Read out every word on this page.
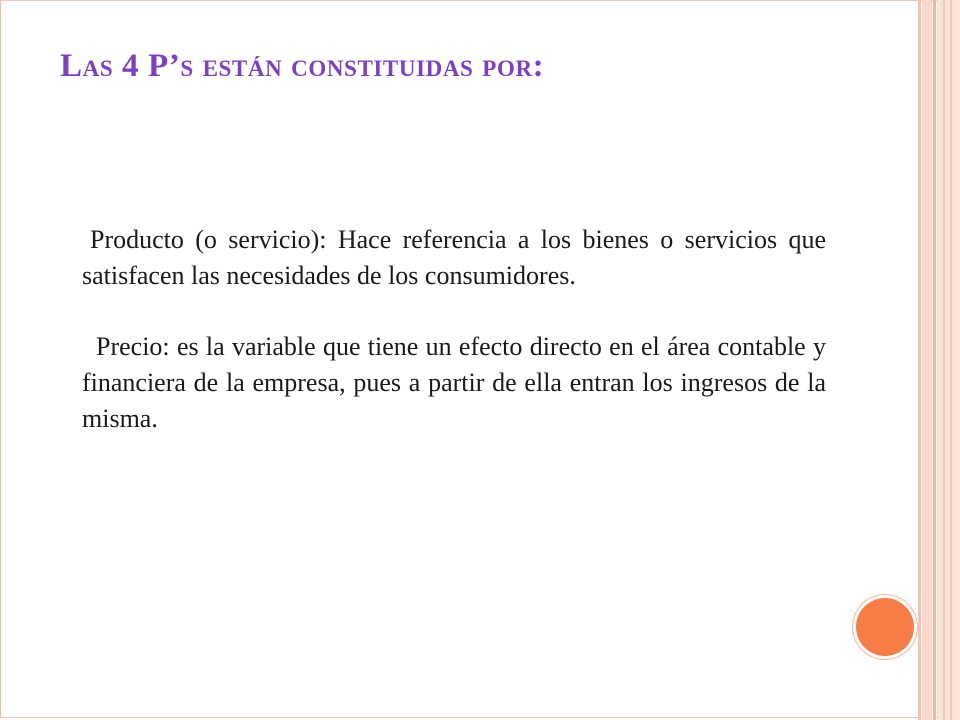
Las 4 P’s están constituidas por:

Producto (o servicio): Hace referencia a los bienes o servicios que satisfacen las necesidades de los consumidores.

Precio: es la variable que tiene un efecto directo en el área contable y financiera de la empresa, pues a partir de ella entran los ingresos de la misma.
